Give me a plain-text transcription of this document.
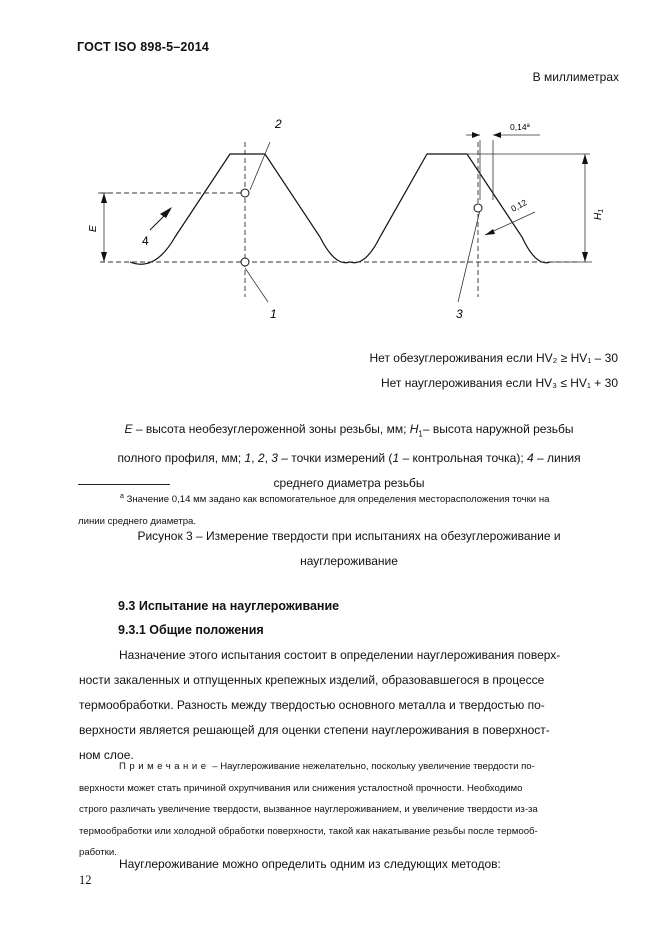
ГОСТ ISO 898-5–2014
В миллиметрах
2
1	3
4
E
$H_1$
0,14$^a$
0,12
Нет обезуглероживания если HV₂ ≥ HV₁ – 30
Нет науглероживания если HV₃ ≤ HV₁ + 30
E – высота необезуглероженной зоны резьбы, мм; $H_1-$ высота наружной резьбы
полного профиля, мм; 1, 2, 3 – точки измерений (1 – контрольная точка); 4 – линия
среднего диаметра резьбы
$^a$ Значение 0,14 мм задано как вспомогательное для определения месторасположения точки на
линии среднего диаметра.
Рисунок 3 – Измерение твердости при испытаниях на обезуглероживание и
науглероживание
9.3 Испытание на науглероживание
9.3.1 Общие положения
Назначение этого испытания состоит в определении науглероживания поверх-
ности закаленных и отпущенных крепежных изделий, образовавшегося в процессе
термообработки. Разность между твердостью основного металла и твердостью по-
верхности является решающей для оценки степени науглероживания в поверхност-
ном слое.
Примечание – Науглероживание нежелательно, поскольку увеличение твердости по-
верхности может стать причиной охрупчивания или снижения усталостной прочности. Необходимо
строго различать увеличение твердости, вызванное науглероживанием, и увеличение твердости из-за
термообработки или холодной обработки поверхности, такой как накатывание резьбы после термооб-
работки.
Науглероживание можно определить одним из следующих методов:
12
